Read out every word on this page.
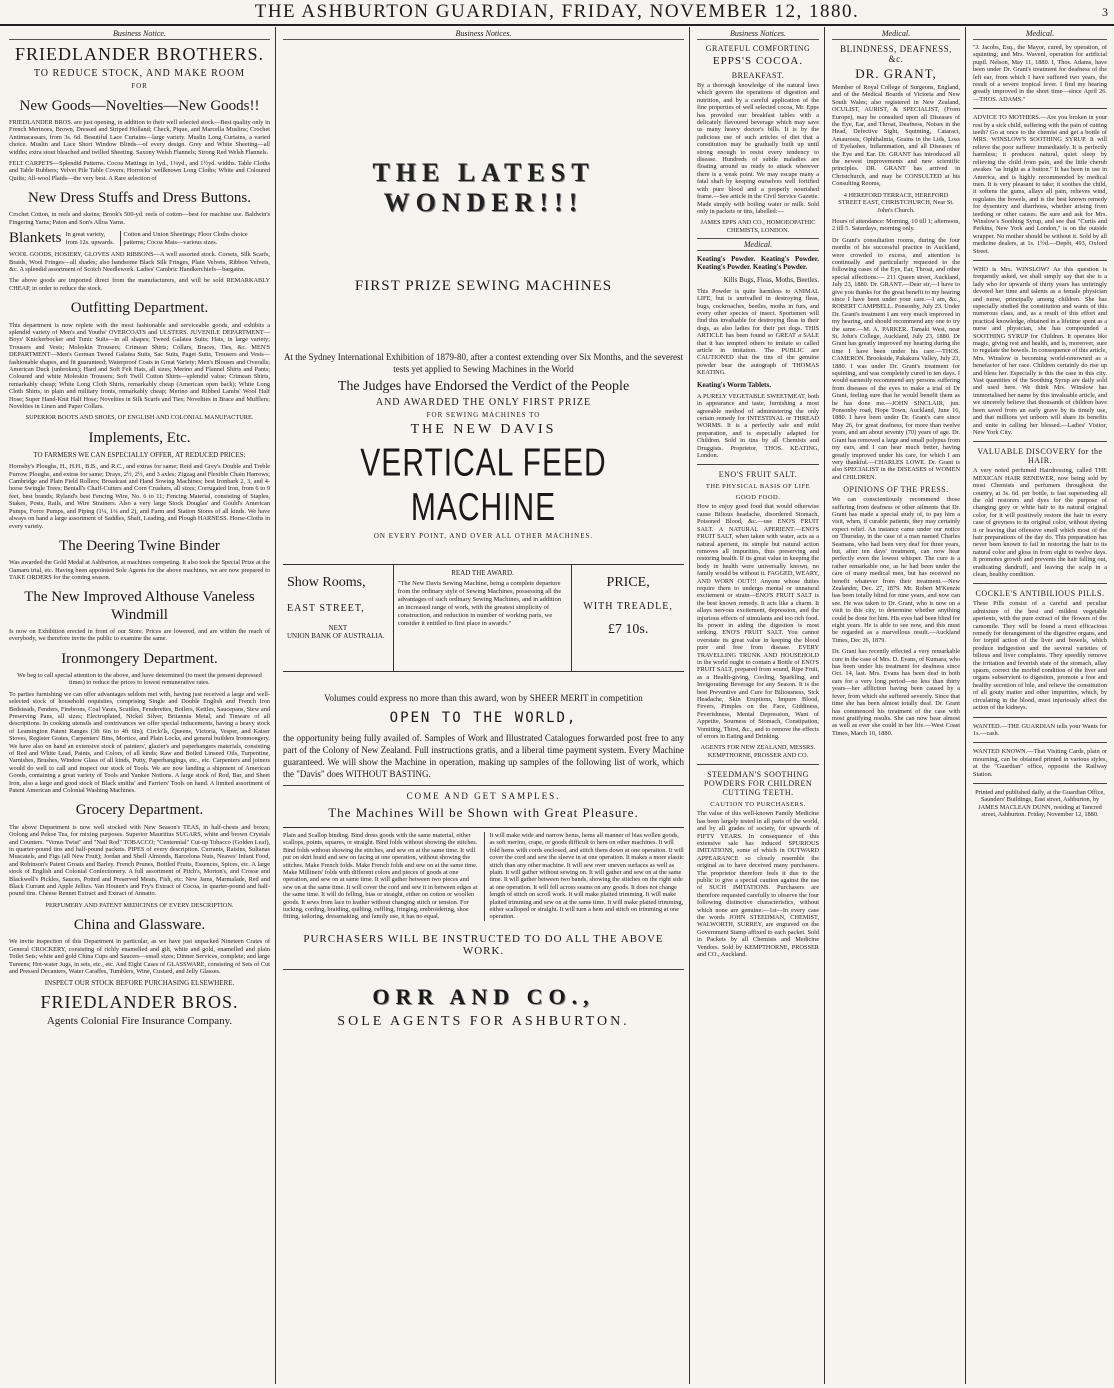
THE ASHBURTON GUARDIAN, FRIDAY, NOVEMBER 12, 1880.	3
Business Notice.
FRIEDLANDER BROTHERS.
TO REDUCE STOCK, AND MAKE ROOM
FOR
New Goods—Novelties—New Goods!!

FRIEDLANDER BROS. are just opening, in addition to their well selected stock—Best quality only in French Merinoes, Brown, Dressed and Striped Holland; Check, Pique, and Marcella Muslins; Crochet Antimacassars, from 3s. 6d. Beautiful Lace Curtains—large variety. Muslin Long Curtains, a varied choice. Muslin and Lace Short Window Blinds—of every design. Grey and White Sheeting—all widths; extra stout bleached and twilled Sheeting. Saxony Welsh Flannels; Strong Red Welsh Flannels.

FELT CARPETS—Splendid Patterns. Cocoa Mattings in 1yd., 1¼yd., and 1½yd. widths. Table Cloths and Table Rubbers; Velvet Pile Table Covers; Horrocks' wellknown Long Cloths; White and Coloured Quilts; All-wool Plaids—the very best. A Rare selection of

New Dress Stuffs and Dress Buttons.

Crochet Cotton, in reels and skeins; Brook's 500-yd. reels of cotton—best for machine use. Baldwin's Fingering Yarns; Paton and Son's Alloa Yarns.

Blankets In great variety, from 12s. upwards.
Cotton and Union Sheetings; Floor Cloths choice patterns; Cocoa Mats—various sizes.

WOOL GOODS, HOSIERY, GLOVES AND RIBBONS—A well assorted stock. Corsets, Silk Scarfs, Braids, Wool Fringes—all shades; also handsome Black Silk Fringes, Plain Velvets, Ribbon Velvets, &c. A splendid assortment of Scotch Needlework. Ladies' Cambric Handkerchiefs—bargains.

The above goods are imported direct from the manufacturers, and will be sold REMARKABLY CHEAP, in order to reduce the stock.

Outfitting Department.

This department is now replete with the most fashionable and serviceable goods, and exhibits a splendid variety of Men's and Youths' OVERCOATS and ULSTERS. JUVENILE DEPARTMENT—Boys' Knickerbocker and Tunic Suits—in all shapes; Tweed Galatea Suits; Hats, in large variety; Trousers and Vests; Moleskin Trousers; Crimean Shirts; Collars, Braces, Ties, &c. MEN'S DEPARTMENT—Men's German Tweed Galatea Suits, Sac Suits, Paget Suits, Trousers and Vests—fashionable shapes, and fit guaranteed; Waterproof Coats in Great Variety; Men's Blouses and Overalls; American Duck (unbroken); Hard and Soft Felt Hats, all sizes; Merino and Flannel Shirts and Pants; Coloured and white Moleskin Trousers; Soft Twill Cotton Shirts—splendid value; Crimean Shirts, remarkably cheap; White Long Cloth Shirts, remarkably cheap (American open back); White Long Cloth Shirts, in plain and military fronts, remarkably cheap; Merino and Ribbed Lambs' Wool Half Hose; Super Hand-Knit Half Hose; Novelties in Silk Scarfs and Ties; Novelties in Brace and Mufflers; Novelties in Linen and Paper Collars.

SUPERIOR BOOTS AND SHOES, OF ENGLISH AND COLONIAL MANUFACTURE.

Implements, Etc.

TO FARMERS WE CAN ESPECIALLY OFFER, AT REDUCED PRICES:

Hornsby's Ploughs, H., H.H., B.B., and R.C., and extras for same; Reid and Grey's Double and Treble Furrow Ploughs, and extras for same; Drays, 2½, 2½, and 3 axles; Zigzag and Flexible Chain Harrows; Cambridge and Plain Field Rollers; Broadcast and Hand Sowing Machines; best Ironbark 2, 3, and 4-horse Swingle Trees; Bentall's Chaff-Cutters and Corn Crushers, all sizes; Corrugated Iron, from 6 to 9 feet, best brands; Ryland's best Fencing Wire, No. 6 to 11; Fencing Material, consisting of Staples, Stakes, Posts, Rails, and Wire Strainers. Also a very large Stock Douglas' and Gould's American Pumps, Force Pumps, and Piping (1¼, 1¼ and 2), and Farm and Station Stores of all kinds. We have always on hand a large assortment of Saddles, Shaft, Leading, and Plough HARNESS. Horse-Cloths in every variety.

The Deering Twine Binder

Was awarded the Gold Medal at Ashburton, at machines competing. It also took the Special Prize at the Oamaru trial, etc. Having been appointed Sole Agents for the above machines, we are now prepared to TAKE ORDERS for the coming season.

The New Improved Althouse Vaneless Windmill

Is now on Exhibition erected in front of our Store. Prices are lowered, and are within the reach of everybody, we therefore invite the public to examine the same.

Ironmongery Department.

We beg to call special attention to the above, and have determined (to meet the present depressed times) to reduce the prices to lowest remunerative rates.

To parties furnishing we can offer advantages seldom met with, having just received a large and well-selected stock of household requisites, comprising Single and Double English and French Iron Bedsteads, Fenders, Firebrons, Coal Vases, Scuttles, Fenderettes, Boilers, Kettles, Saucepans, Stew and Preserving Pans, all sizes; Electroplated, Nickel Silver, Britannia Metal, and Tinware of all descriptions. In cooking utensils and contrivances we offer special inducements, having a heavy stock of Leamington Patent Ranges (3ft 6in to 4ft 6in); Circlo'ls, Queens, Victoria, Vesper, and Kaiser Stoves, Register Grates, Carpenters' Bins, Mortice, and Plain Locks, and general builders Ironmongery. We have also on hand an extensive stock of painters', glazier's and paperhangers materials, consisting of Red and White Lead, Paints, and Colors, of all kinds; Raw and Boiled Linseed Oils, Turpentine, Varnishes, Brushes, Window Glass of all kinds, Putty, Paperhangings, etc., etc. Carpenters and joiners would do well to call and inspect our stock of Tools. We are now landing a shipment of American Goods, containing a great variety of Tools and Yankee Notions. A large stock of Rod, Bar, and Sheet Iron, also a large and good stock of Black smiths' and Farriers' Tools on hand. A limited assortment of Patent American and Colonial Washing Machines.

Grocery Department.

The above Department is now well stocked with New Season's TEAS, in half-chests and boxes; Oolong and Pekoe Tea, for mixing purposes. Superior Mauritius SUGARS, white and brown Crystals and Counters. "Venus Twist" and "Nail Rod" TOBACCO; "Centennial" Cut-up Tobacco (Golden Leaf), in quarter-pound tins and half-pound packets. PIPES of every description. Currants, Raisins, Sultanas Muscatels, and Figs (all New Fruit); Jordan and Shell Almonds, Barcelona Nuts, Neaves' Infant Food, and Robinson's Patent Groats and Barley. French Prunes, Bottled Fruits, Essences, Spices, etc. A large stock of English and Colonial Confectionery. A full assortment of Pitch's, Morton's, and Crosse and Blackwell's Pickles, Sauces, Potted and Preserved Meats, Fish, etc. New Jams, Marmalade, Red and Black Currant and Apple Jellies. Van Houten's and Fry's Extract of Cocoa, in quarter-pound and half-pound tins. Cheese Rennet Extract and Extract of Annatto.

PERFUMERY AND PATENT MEDICINES OF EVERY DESCRIPTION.

China and Glassware.

We invite inspection of this Department in particular, as we have just unpacked Nineteen Crates of General CROCKERY, consisting of richly enamelled and gilt, white and gold, enamelled and plain Toilet Sets; white and gold China Cups and Saucers—small sizes; Dinner Services, complete; and large Tureens; Hot-water Jugs, in sets, etc., etc. And Eight Cases of GLASSWARE, consisting of Sets of Cut and Pressed Decanters, Water Caraffes, Tumblers, Wine, Custard, and Jelly Glasses.

INSPECT OUR STOCK BEFORE PURCHASING ELSEWHERE.

FRIEDLANDER BROS.
Agents Colonial Fire Insurance Company.
Business Notices.
THE LATEST WONDER!!!
FIRST PRIZE SEWING MACHINES
At the Sydney International Exhibition of 1879-80, after a contest extending over Six Months, and the severest tests yet applied to Sewing Machines in the World
The Judges have Endorsed the Verdict of the People
AND AWARDED THE ONLY FIRST PRIZE
FOR SEWING MACHINES TO
THE NEW DAVIS
VERTICAL FEED MACHINE
ON EVERY POINT, AND OVER ALL OTHER MACHINES.
Show Rooms,
EAST STREET,
NEXT
UNION BANK OF AUSTRALIA.
READ THE AWARD.
"The New Davis Sewing Machine, being a complete departure from the ordinary style of Sewing Machines, possessing all the advantages of such ordinary Sewing Machines, and in addition an increased range of work, with the greatest simplicity of construction, and reduction in number of working parts, we consider it entitled to first place in awards."
PRICE,
WITH TREADLE,
£7 10s.
Volumes could express no more than this award, won by SHEER MERIT in competition
OPEN TO THE WORLD,

the opportunity being fully availed of. Samples of Work and Illustrated Catalogues forwarded post free to any part of the Colony of New Zealand. Full instructions gratis, and a liberal time payment system. Every Machine guaranteed. We will show the Machine in operation, making up samples of the following list of work, which the "Davis" does WITHOUT BASTING.

COME AND GET SAMPLES.
The Machines Will be Shown with Great Pleasure.
Plain and Scallop binding. Bind dress goods with the same material, either scallops, points, squares, or straight. Bind folds without showing the stitches. Bind folds without showing the stitches, and sew on at the same time. It will put on skirt braid and sew on facing at one operation, without showing the stitches. Make French folds. Make French folds and sew on at the same time. Make Milliners' folds with different colors and pieces of goods at one operation, and sew on at same time. It will gather between two pieces and sew on at the same time. It will cover the cord and sew it in between edges at the same time. It will do felling, bias or straight, either on cotton or woollen goods. It sews from lace to leather without changing stitch or tension. For tucking, cording, braiding, quilting, ruffling, fringing, embroidering, shoe fitting, tailoring, dressmaking, and family use, it has no equal.
It will make wide and narrow hems, hems all manner of bias wollen goods, as soft merino, crape, or goods difficult to hem on other machines. It will fold hems with cords enclosed, and stitch them down at one operation. It will cover the cord and sew the sleeve in at one operation. It makes a more elastic stitch than any other machine. It will sew over uneven surfaces as well as plain. It will gather without sewing on. It will gather and sew on at the same time. It will gather between two bands, showing the stitches on the right side at one operation. It will fell across seams on any goods. It does not change length of stitch on scroll work. It will make plaited trimming. It will make plaited trimming and sew on at the same time. It will make plaited trimming, either scalloped or straight. It will turn a hem and stitch on trimming at one operation.
PURCHASERS WILL BE INSTRUCTED TO DO ALL THE ABOVE WORK.
ORR AND CO.,
SOLE AGENTS FOR ASHBURTON.
Business Notices.
GRATEFUL COMFORTING
EPPS'S COCOA.
BREAKFAST.

By a thorough knowledge of the natural laws which govern the operations of digestion and nutrition, and by a careful application of the fine properties of well selected cocoa, Mr. Epps has provided our breakfast tables with a delicately flavoured beverage which may save us many heavy doctor's bills. It is by the judicious use of such articles of diet that a constitution may be gradually built up until strong enough to resist every tendency to disease. Hundreds of subtle maladies are floating around us ready to attack wherever there is a weak point. We may escape many a fatal shaft by keeping ourselves well fortified with pure blood and a properly nourished frame.—See article in the Civil Service Gazette. Made simply with boiling water or milk. Sold only in packets or tins, labelled:—

JAMES EPPS AND CO., HOMOEOPATHIC CHEMISTS, LONDON.

Medical.

Keating's Powder. Keating's Powder. Keating's Powder. Keating's Powder.

Kills Bugs, Fleas, Moths, Beetles.

This Powder is quite harmless to ANIMAL LIFE, but is unrivalled in destroying fleas, bugs, cockroaches, beetles, moths in furs, and every other species of insect. Sportsmen will find this invaluable for destroying fleas in their dogs, as also ladies for their pet dogs. THIS ARTICLE has been found so GREAT a SALE that it has tempted others to imitate so called article in imitation. The PUBLIC are CAUTIONED that the tins of the genuine powder bear the autograph of THOMAS KEATING.

Keating's Worm Tablets.

A PURELY VEGETABLE SWEETMEAT, both in appearance and taste, furnishing a most agreeable method of administering the only certain remedy for INTESTINAL or THREAD WORMS. It is a perfectly safe and mild preparation, and is especially adapted for Children. Sold in tins by all Chemists and Druggists. Proprietor, THOS. KEATING, London.

ENO'S FRUIT SALT.
THE PHYSICAL BASIS OF LIFE
GOOD FOOD.

How to enjoy good food that would otherwise cause Bilious headache, disordered Stomach, Poisoned Blood, &c.—use ENO'S FRUIT SALT. A NATURAL APERIENT.—ENO'S FRUIT SALT, when taken with water, acts as a natural aperient, its simple but natural action removes all impurities, thus preserving and restoring health. If its great value in keeping the body in health were universally known, no family would be without it. FAGGED, WEARY, AND WORN OUT!!! Anyone whose duties require them to undergo mental or unnatural excitement or strain—ENO'S FRUIT SALT is the best known remedy. It acts like a charm. It allays nervous excitement, depression, and the injurious effects of stimulants and too rich food. Its power in aiding the digestion is most striking. ENO'S FRUIT SALT. You cannot overstate its great value in keeping the blood pure and free from disease. EVERY TRAVELLING TRUNK AND HOUSEHOLD in the world ought to contain a Bottle of ENO'S FRUIT SALT, prepared from sound, Ripe Fruit, as a Health-giving, Cooling, Sparkling, and Invigorating Beverage for any Season. It is the best Preventive and Cure for Biliousness, Sick Headache, Skin Eruptions, Impure Blood, Fevers, Pimples on the Face, Giddiness, Feverishness, Mental Depression, Want of Appetite, Sourness of Stomach, Constipation, Vomiting, Thirst, &c., and to remove the effects of errors in Eating and Drinking.

AGENTS FOR NEW ZEALAND, MESSRS. KEMPTHORNE, PROSSER AND CO.

STEEDMAN'S SOOTHING POWDERS FOR CHILDREN CUTTING TEETH.
CAUTION TO PURCHASERS.

The value of this well-known Family Medicine has been largely tested in all parts of the world, and by all grades of society, for upwards of FIFTY YEARS. In consequence of this extensive sale has induced SPURIOUS IMITATIONS, some of which in OUTWARD APPEARANCE so closely resemble the original as to have deceived many purchasers. The proprietor therefore feels it due to the public to give a special caution against the use of SUCH IMITATIONS. Purchasers are therefore requested carefully to observe the four following distinctive characteristics, without which none are genuine:—1st—In every case the words JOHN STEEDMAN, CHEMIST, WALWORTH, SURREY, are engraved on the Government Stamp affixed to each packet. Sold in Packets by all Chemists and Medicine Vendors. Sold by KEMPTHORNE, PROSSER and CO., Auckland.

Medical.
BLINDNESS, DEAFNESS, &c.
DR. GRANT,

Member of Royal College of Surgeons, England, and of the Medical Boards of Victoria and New South Wales; also registered in New Zealand, OCULIST, AURIST, & SPECIALIST, (From Europe), may be consulted upon all Diseases of the Eye, Ear, and Throat, Deafness, Noises in the Head, Defective Sight, Squinting, Cataract, Amaurosis, Ophthalmia, Grains in the Lids, Loss of Eyelashes, Inflammation, and all Diseases of the Eye and Ear. Dr. GRANT has introduced all the newest improvements and new scientific principles. DR. GRANT has arrived in Christchurch, and may be CONSULTED at his Consulting Rooms,

4 HEREFORD TERRACE, HEREFORD STREET EAST, CHRISTCHURCH, Near St. John's Church.

Hours of attendance: Morning, 10 till 1; afternoon, 2 till 5. Saturdays, morning only.

Dr Grant's consultation rooms, during the four months of his successful practice in Auckland, were crowded to excess, and attention is continually and particularly requested to the following cases of the Eye, Ear, Throat, and other special affections:— 211 Queen street, Auckland, July 23, 1880. Dr. GRANT.—Dear sir,—I have to give you thanks for the great benefit to my hearing since I have been under your care.—I am, &c., ROBERT CAMPBELL. Ponsonby, July 23. Under Dr. Grant's treatment I am very much improved in my hearing, and should recommend any one to try the same.—M. A. PARKER. Tamaki West, near St. John's College, Auckland, July 23, 1880. Dr Grant has greatly improved my hearing during the time I have been under his care.—THOS. CAMERON. Brookside, Pakakura Valley, July 23, 1880. I was under Dr. Grant's treatment for squinting, and was completely cured in ten days. I would earnestly recommend any persons suffering from diseases of the eyes to make a trial of Dr Grant, feeling sure that he would benefit them as he has done me.—JOHN SINCLAIR, jun. Ponsonby road, Hope Town, Auckland, June 16, 1880. I have been under Dr. Grant's care since May 26, for great deafness, for more than twelve years, and am about seventy (70) years of age. Dr. Grant has removed a large and small polypus from my ears, and I can hear much better, having greatly improved under his care, for which I am very thankful.—CHARLES LOWE. Dr. Grant is also SPECIALIST in the DISEASES of WOMEN and CHILDREN.

OPINIONS OF THE PRESS.

We can conscientiously recommend those suffering from deafness or other ailments that Dr. Grant has made a special study of, to pay him a visit, when, if curable patients, they may certainly expect relief. An instance came under our notice on Thursday, in the case of a man named Charles Seamans, who had been very deaf for three years, but, after ten days' treatment, can now hear perfectly even the lowest whisper. The cure is a rather remarkable one, as he had been under the care of many medical men, but has received no benefit whatever from their treatment.—New Zealander, Dec. 27, 1879. Mr. Robert M'Kenzie has been totally blind for nine years, and now can see. He was taken to Dr. Grant, who is now on a visit to this city, to determine whether anything could be done for him. His eyes had been blind for eight years. He is able to see now, and this must be regarded as a marvellous result.—Auckland Times, Dec 26, 1879.

Dr. Grant has recently effected a very remarkable cure in the case of Mrs. D. Evans, of Kumara, who has been under his treatment for deafness since Oct. 14, last. Mrs. Evans has been deaf in both ears for a very long period—no less than thirty years—her affliction having been caused by a fever, from which she suffered severely. Since that time she has been almost totally deaf. Dr. Grant has commenced his treatment of the case with most gratifying results. She can now hear almost as well as ever she could in her life.—West Coast Times, March 10, 1880.

Medical.

"J. Jacobs, Esq., the Mayor, cured, by operation, of squinting; and Mrs. Wavenl, operation for artificial pupil. Nelson, May 11, 1880. I, Thos. Adams, have been under Dr. Grant's treatment for deafness of the left ear, from which I have suffered two years, the result of a severe tropical fever. I find my hearing greatly improved in the short time—since April 26.—THOS. ADAMS."

ADVICE TO MOTHERS.—Are you broken in your rest by a sick child, suffering with the pain of cutting teeth? Go at once to the chemist and get a bottle of MRS. WINSLOW'S SOOTHING SYRUP. It will relieve the poor sufferer immediately. It is perfectly harmless; it produces natural, quiet sleep by relieving the child from pain, and the little cherub awakes "as bright as a button." It has been in use in America, and is highly recommended by medical men. It is very pleasant to take; it soothes the child, it softens the gums, allays all pain, relieves wind, regulates the bowels, and is the best known remedy for dysentery and diarrhoea, whether arising from teething or other causes. Be sure and ask for Mrs. Winslow's Soothing Syrup, and see that "Curtis and Perkins, New York and London," is on the outside wrapper. No mother should be without it. Sold by all medicine dealers, at 1s. 1½d.—Depôt, 493, Oxford Street.

WHO is Mrs. WINSLOW? As this question is frequently asked, we shall simply say that she is a lady who for upwards of thirty years has untiringly devoted her time and talents as a female physician and nurse, principally among children. She has especially studied the constitution and wants of this numerous class, and, as a result of this effort and practical knowledge, obtained in a lifetime spent as a nurse and physician, she has compounded a SOOTHING SYRUP for Children. It operates like magic, giving rest and health, and is, moreover, sure to regulate the bowels. In consequence of this article, Mrs. Winslow is becoming world-renowned as a benefactor of her race. Children certainly do rise up and bless her. Especially is this the case in this city. Vast quantities of the Soothing Syrup are daily sold and used here. We think Mrs. Winslow has immortalised her name by this invaluable article, and we sincerely believe that thousands of children have been saved from an early grave by its timely use, and that millions yet unborn will share its benefits and unite in calling her blessed.—Ladies' Visitor, New York City.

VALUABLE DISCOVERY for the HAIR.

A very noted perfumed Hairdressing, called THE MEXICAN HAIR RENEWER, now being sold by most Chemists and perfumers throughout the country, at 3s. 6d. per bottle, is fast superseding all the old restorers and dyes for the purpose of changing grey or white hair to its natural original color, for it will positively restore the hair in every case of greyness to its original color, without dyeing it or leaving that offensive smell which most of the hair preparations of the day do. This preparation has never been known to fail in restoring the hair to its natural color and gloss in from eight to twelve days. It promotes growth and prevents the hair falling out, eradicating dandruff, and leaving the scalp in a clean, healthy condition.

COCKLE'S ANTIBILIOUS PILLS.

These Pills consist of a careful and peculiar admixture of the best and mildest vegetable aperients, with the pure extract of the flowers of the camomile. They will be found a most efficacious remedy for derangement of the digestive organs, and for torpid action of the liver and bowels, which produce indigestion and the several varieties of bilious and liver complaints. They speedily remove the irritation and feverish state of the stomach, allay spasm, correct the morbid condition of the liver and organs subservient to digestion, promote a free and healthy secretion of bile, and relieve the constitution of all gouty matter and other impurities, which, by circulating in the blood, must injuriously affect the action of the kidneys.

WANTED.—THE GUARDIAN tells your Wants for 1s.—cash.

WANTED KNOWN.—That Visiting Cards, plain or mourning, can be obtained printed in various styles, at the "Guardian" office, opposite the Railway Station.

Printed and published daily, at the Guardian Office, Saunders' Buildings, East street, Ashburton, by JAMES MACLEAN DUNN, residing at Tancred street, Ashburton. Friday, November 12, 1880.
